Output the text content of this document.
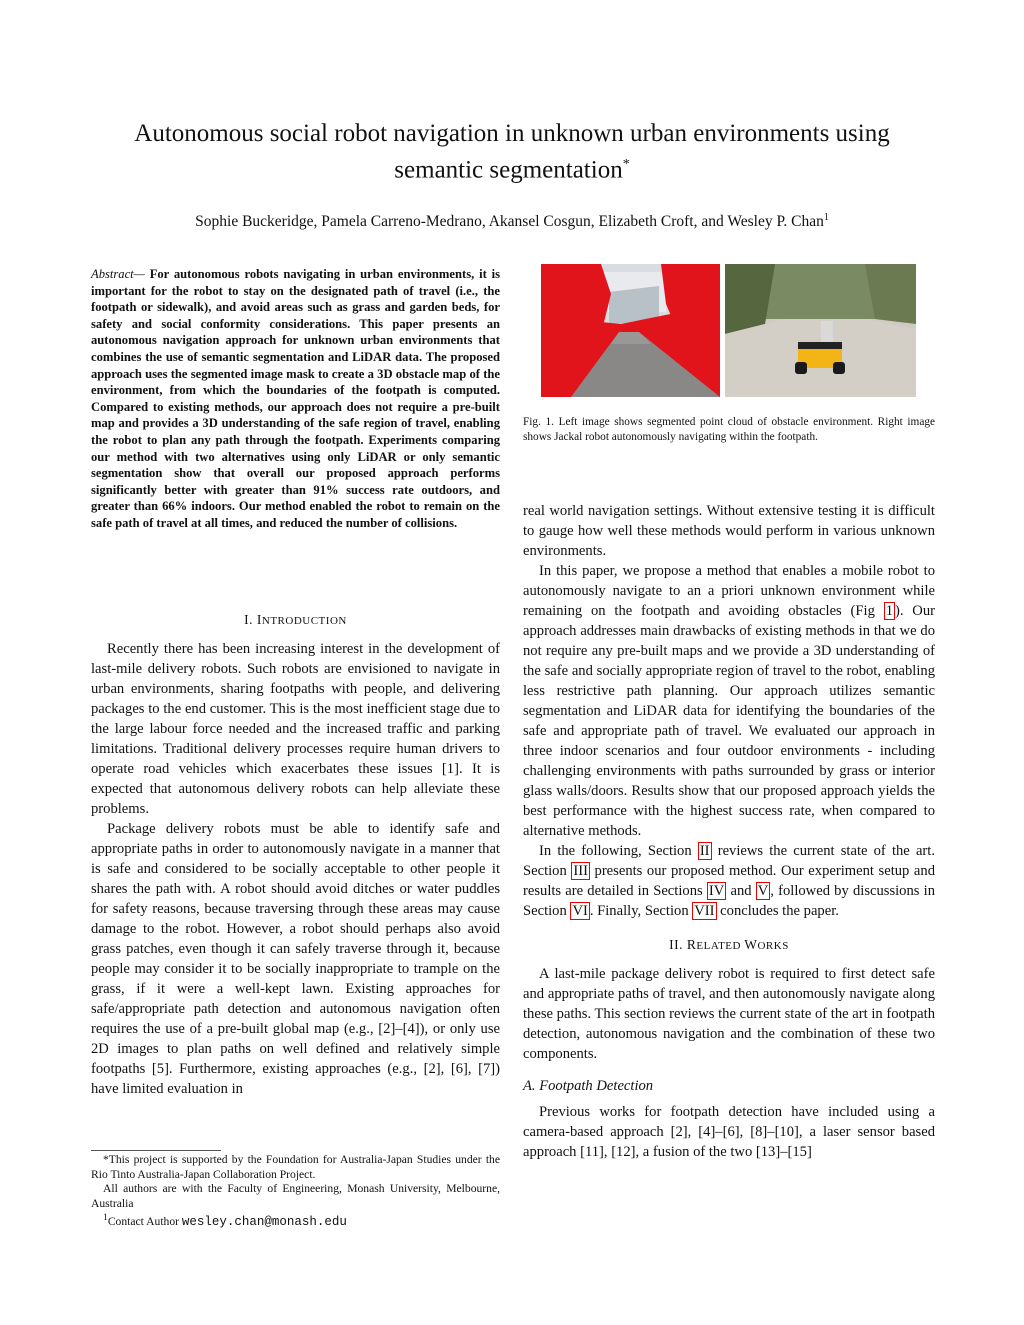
Autonomous social robot navigation in unknown urban environments using
semantic segmentation*
Sophie Buckeridge, Pamela Carreno-Medrano, Akansel Cosgun, Elizabeth Croft, and Wesley P. Chan$^1$
Abstract— For autonomous robots navigating in urban environments, it is important for the robot to stay on the designated path of travel (i.e., the footpath or sidewalk), and avoid areas such as grass and garden beds, for safety and social conformity considerations. This paper presents an autonomous navigation approach for unknown urban environments that combines the use of semantic segmentation and LiDAR data. The proposed approach uses the segmented image mask to create a 3D obstacle map of the environment, from which the boundaries of the footpath is computed. Compared to existing methods, our approach does not require a pre-built map and provides a 3D understanding of the safe region of travel, enabling the robot to plan any path through the footpath. Experiments comparing our method with two alternatives using only LiDAR or only semantic segmentation show that overall our proposed approach performs significantly better with greater than 91% success rate outdoors, and greater than 66% indoors. Our method enabled the robot to remain on the safe path of travel at all times, and reduced the number of collisions.
I. INTRODUCTION

Recently there has been increasing interest in the development of last-mile delivery robots. Such robots are envisioned to navigate in urban environments, sharing footpaths with people, and delivering packages to the end customer. This is the most inefficient stage due to the large labour force needed and the increased traffic and parking limitations. Traditional delivery processes require human drivers to operate road vehicles which exacerbates these issues [1]. It is expected that autonomous delivery robots can help alleviate these problems.

Package delivery robots must be able to identify safe and appropriate paths in order to autonomously navigate in a manner that is safe and considered to be socially acceptable to other people it shares the path with. A robot should avoid ditches or water puddles for safety reasons, because traversing through these areas may cause damage to the robot. However, a robot should perhaps also avoid grass patches, even though it can safely traverse through it, because people may consider it to be socially inappropriate to trample on the grass, if it were a well-kept lawn. Existing approaches for safe/appropriate path detection and autonomous navigation often requires the use of a pre-built global map (e.g., [2]–[4]), or only use 2D images to plan paths on well defined and relatively simple footpaths [5]. Furthermore, existing approaches (e.g., [2], [6], [7]) have limited evaluation in

*This project is supported by the Foundation for Australia-Japan Studies under the Rio Tinto Australia-Japan Collaboration Project.

All authors are with the Faculty of Engineering, Monash University, Melbourne, Australia

$^1$Contact Author wesley.chan@monash.edu

Fig. 1. Left image shows segmented point cloud of obstacle environment. Right image shows Jackal robot autonomously navigating within the footpath.

real world navigation settings. Without extensive testing it is difficult to gauge how well these methods would perform in various unknown environments.

In this paper, we propose a method that enables a mobile robot to autonomously navigate to an a priori unknown environment while remaining on the footpath and avoiding obstacles (Fig 1 ). Our approach addresses main drawbacks of existing methods in that we do not require any pre-built maps and we provide a 3D understanding of the safe and socially appropriate region of travel to the robot, enabling less restrictive path planning. Our approach utilizes semantic segmentation and LiDAR data for identifying the boundaries of the safe and appropriate path of travel. We evaluated our approach in three indoor scenarios and four outdoor environments - including challenging environments with paths surrounded by grass or interior glass walls/doors. Results show that our proposed approach yields the best performance with the highest success rate, when compared to alternative methods.

In the following, Section II reviews the current state of the art. Section III presents our proposed method. Our experiment setup and results are detailed in Sections IV and V , followed by discussions in Section VI . Finally, Section VII concludes the paper.

II. RELATED WORKS

A last-mile package delivery robot is required to first detect safe and appropriate paths of travel, and then autonomously navigate along these paths. This section reviews the current state of the art in footpath detection, autonomous navigation and the combination of these two components.

A. Footpath Detection

Previous works for footpath detection have included using a camera-based approach [2], [4]–[6], [8]–[10], a laser sensor based approach [11], [12], a fusion of the two [13]–[15]
